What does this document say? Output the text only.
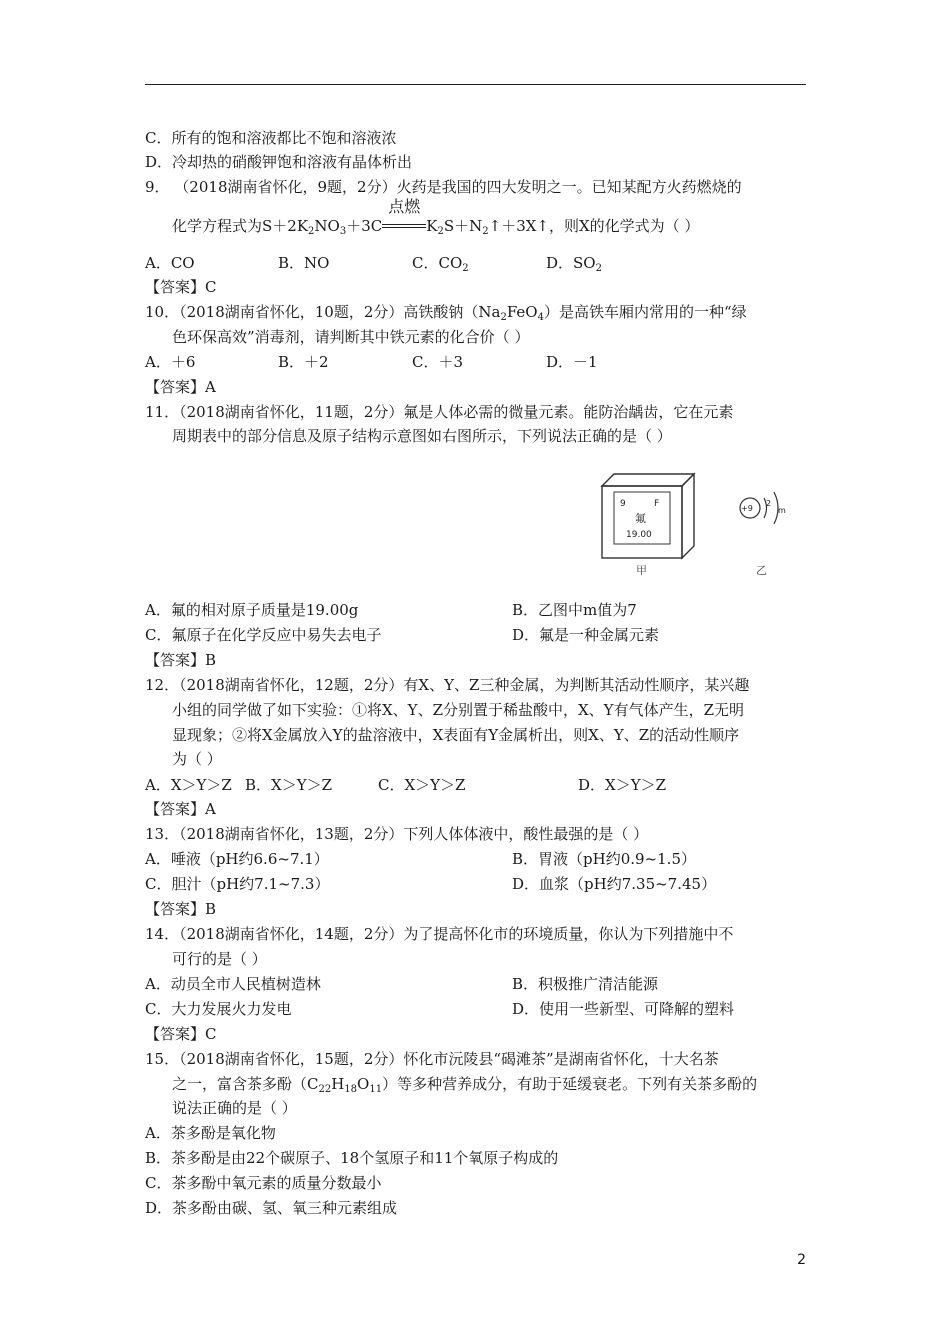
C．所有的饱和溶液都比不饱和溶液浓
D．冷却热的硝酸钾饱和溶液有晶体析出
9． （2018湖南省怀化，9题，2分）火药是我国的四大发明之一。已知某配方火药燃烧的
化学方程式为$S+2K_2NO_3+3C$
点燃
$K_2S+N_2↑+3X↑$，则X的化学式为（ ）
A．CO	B．NO	C．$CO_2$	D．$SO_2$
【答案】C
10．（2018湖南省怀化，10题，2分）高铁酸钠$(Na_2FeO_4)$是高铁车厢内常用的一种“绿
色环保高效”消毒剂，请判断其中铁元素的化合价（ ）
A．＋6	B．＋2	C．＋3	D．－1
【答案】A
11．（2018湖南省怀化，11题，2分）氟是人体必需的微量元素。能防治龋齿，它在元素
周期表中的部分信息及原子结构示意图如右图所示，下列说法正确的是（ ）
9	F
氟
19.00
甲
+9
2
m
乙
A．氟的相对原子质量是19.00g	B．乙图中m值为7
C．氟原子在化学反应中易失去电子	D．氟是一种金属元素
【答案】B
12．（2018湖南省怀化，12题，2分）有X、Y、Z三种金属，为判断其活动性顺序，某兴趣
小组的同学做了如下实验：①将X、Y、Z分别置于稀盐酸中，X、Y有气体产生，Z无明
显现象；②将X金属放入Y的盐溶液中，X表面有Y金属析出，则X、Y、Z的活动性顺序
为（ ）
A．X＞Y＞Z B．X＞Y＞Z	C．X＞Y＞Z	D．X＞Y＞Z
【答案】A
13．（2018湖南省怀化，13题，2分）下列人体体液中，酸性最强的是（ ）
A．唾液（pH约6.6~7.1）	B．胃液（pH约0.9~1.5）
C．胆汁（pH约7.1~7.3）	D．血浆（pH约7.35~7.45）
【答案】B
14．（2018湖南省怀化，14题，2分）为了提高怀化市的环境质量，你认为下列措施中不
可行的是（ ）
A．动员全市人民植树造林	B．积极推广清洁能源
C．大力发展火力发电	D．使用一些新型、可降解的塑料
【答案】C
15．（2018湖南省怀化，15题，2分）怀化市沅陵县“碣滩茶”是湖南省怀化，十大名茶
之一，富含茶多酚$(C_{22}H_{18}O_{11})$等多种营养成分，有助于延缓衰老。下列有关茶多酚的
说法正确的是（ ）
A．茶多酚是氧化物
B．茶多酚是由22个碳原子、18个氢原子和11个氧原子构成的
C．茶多酚中氧元素的质量分数最小
D．茶多酚由碳、氢、氧三种元素组成
2
